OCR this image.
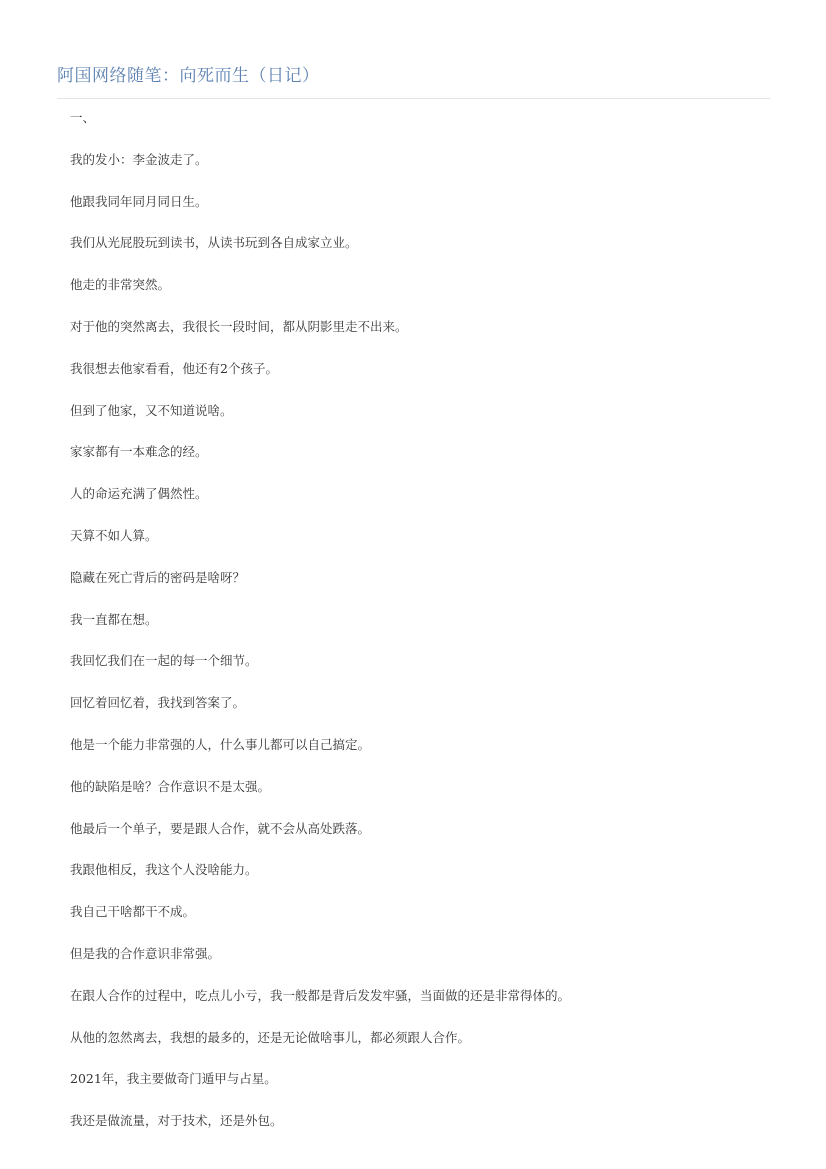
阿国网络随笔：向死而生（日记）
一、
我的发小：李金波走了。
他跟我同年同月同日生。
我们从光屁股玩到读书，从读书玩到各自成家立业。
他走的非常突然。
对于他的突然离去，我很长一段时间，都从阴影里走不出来。
我很想去他家看看，他还有2个孩子。
但到了他家，又不知道说啥。
家家都有一本难念的经。
人的命运充满了偶然性。
天算不如人算。
隐藏在死亡背后的密码是啥呀？
我一直都在想。
我回忆我们在一起的每一个细节。
回忆着回忆着，我找到答案了。
他是一个能力非常强的人，什么事儿都可以自己搞定。
他的缺陷是啥？合作意识不是太强。
他最后一个单子，要是跟人合作，就不会从高处跌落。
我跟他相反，我这个人没啥能力。
我自己干啥都干不成。
但是我的合作意识非常强。
在跟人合作的过程中，吃点儿小亏，我一般都是背后发发牢骚，当面做的还是非常得体的。
从他的忽然离去，我想的最多的，还是无论做啥事儿，都必须跟人合作。
2021年，我主要做奇门遁甲与占星。
我还是做流量，对于技术，还是外包。
